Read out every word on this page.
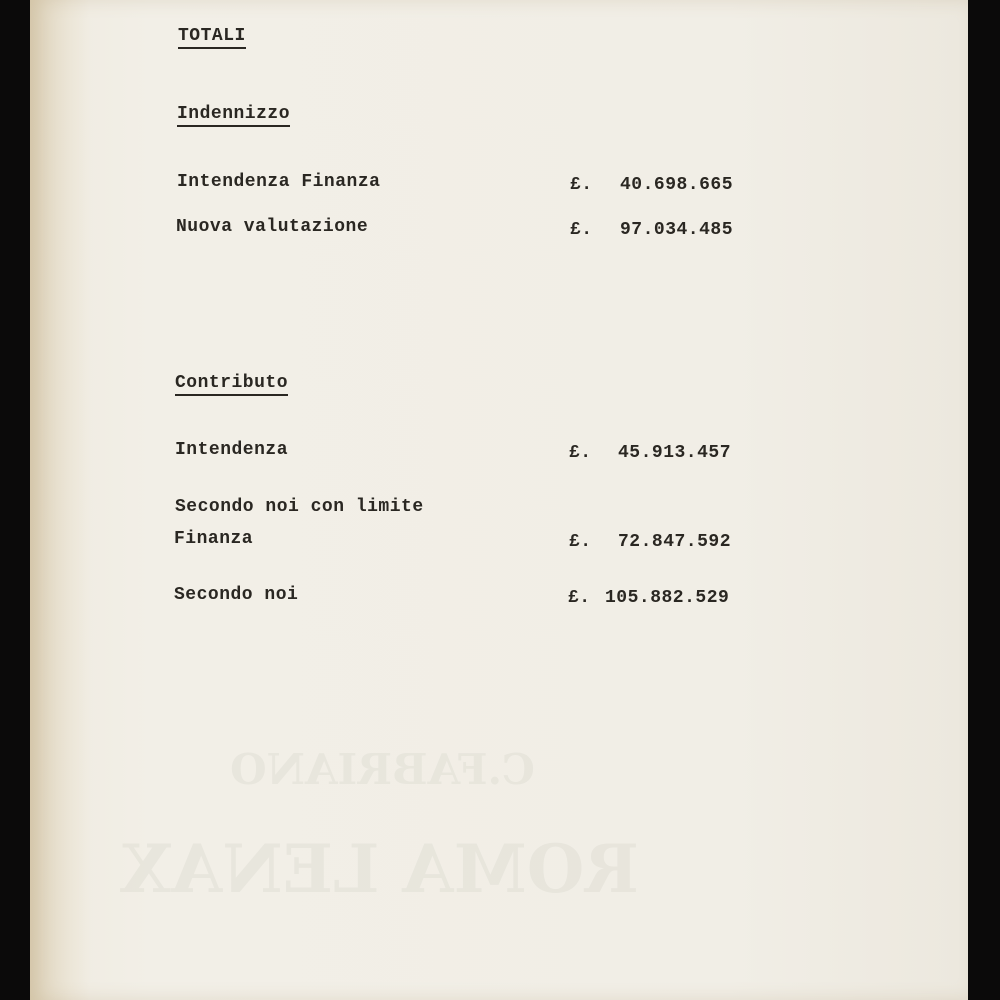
C.FABRIANO
ROMA LENAX
TOTALI
Indennizzo
Intendenza Finanza	£. 40.698.665
Nuova valutazione	£. 97.034.485
Contributo
Intendenza	£. 45.913.457
Secondo noi con limite
Finanza	£. 72.847.592
Secondo noi	£. 105.882.529
